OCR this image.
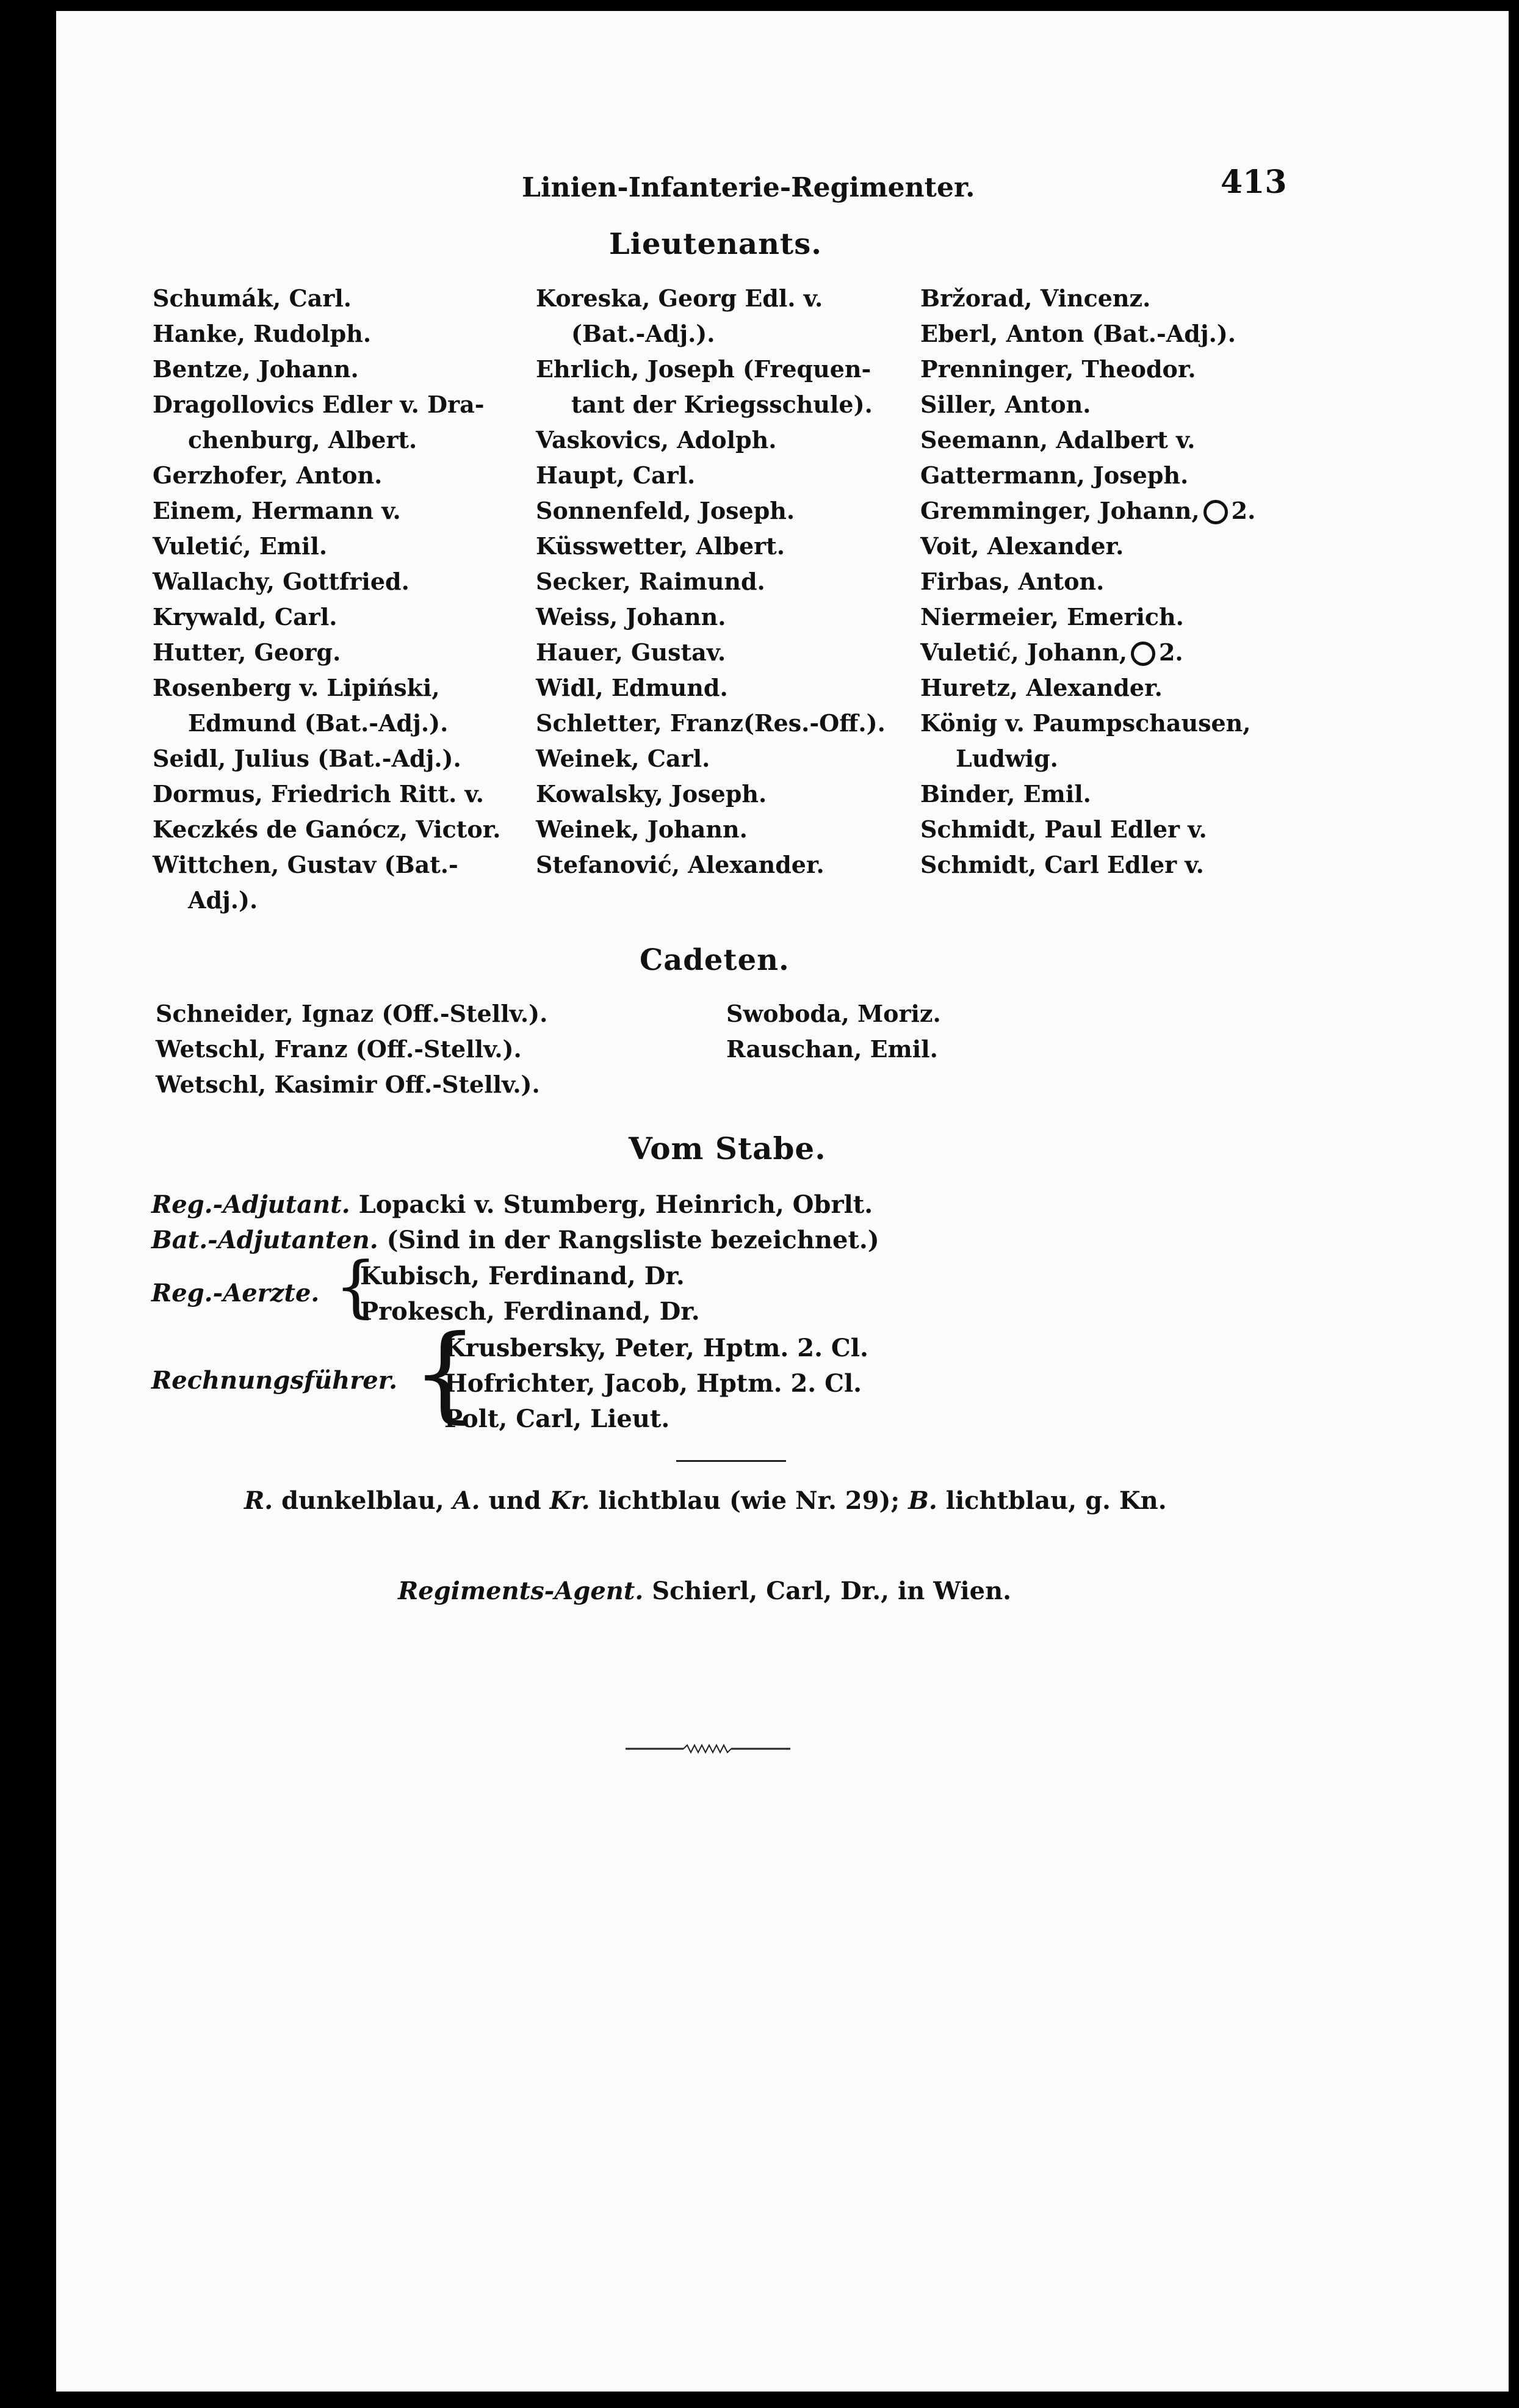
Linien-Infanterie-Regimenter.	413
Lieutenants.
Schumák, Carl.
Hanke, Rudolph.
Bentze, Johann.
Dragollovics Edler v. Dra-
chenburg, Albert.
Gerzhofer, Anton.
Einem, Hermann v.
Vuletić, Emil.
Wallachy, Gottfried.
Krywald, Carl.
Hutter, Georg.
Rosenberg v. Lipiński,
Edmund (Bat.-Adj.).
Seidl, Julius (Bat.-Adj.).
Dormus, Friedrich Ritt. v.
Keczkés de Ganócz, Victor.
Wittchen, Gustav (Bat.-
Adj.).
Koreska, Georg Edl. v.
(Bat.-Adj.).
Ehrlich, Joseph (Frequen-
tant der Kriegsschule).
Vaskovics, Adolph.
Haupt, Carl.
Sonnenfeld, Joseph.
Küsswetter, Albert.
Secker, Raimund.
Weiss, Johann.
Hauer, Gustav.
Widl, Edmund.
Schletter, Franz(Res.-Off.).
Weinek, Carl.
Kowalsky, Joseph.
Weinek, Johann.
Stefanović, Alexander.
Bržorad, Vincenz.
Eberl, Anton (Bat.-Adj.).
Prenninger, Theodor.
Siller, Anton.
Seemann, Adalbert v.
Gattermann, Joseph.
Gremminger, Johann, 2.
Voit, Alexander.
Firbas, Anton.
Niermeier, Emerich.
Vuletić, Johann, 2.
Huretz, Alexander.
König v. Paumpschausen,
Ludwig.
Binder, Emil.
Schmidt, Paul Edler v.
Schmidt, Carl Edler v.
Cadeten.
Schneider, Ignaz (Off.-Stellv.).
Wetschl, Franz (Off.-Stellv.).
Wetschl, Kasimir Off.-Stellv.).
Swoboda, Moriz.
Rauschan, Emil.
Vom Stabe.
Reg.-Adjutant. Lopacki v. Stumberg, Heinrich, Obrlt.
Bat.-Adjutanten. (Sind in der Rangsliste bezeichnet.)
Reg.-Aerzte. {
Kubisch, Ferdinand, Dr.
Prokesch, Ferdinand, Dr.
Rechnungsführer. {
Krusbersky, Peter, Hptm. 2. Cl.
Hofrichter, Jacob, Hptm. 2. Cl.
Polt, Carl, Lieut.
R. dunkelblau, A. und Kr. lichtblau (wie Nr. 29); B. lichtblau, g. Kn.
Regiments-Agent. Schierl, Carl, Dr., in Wien.
